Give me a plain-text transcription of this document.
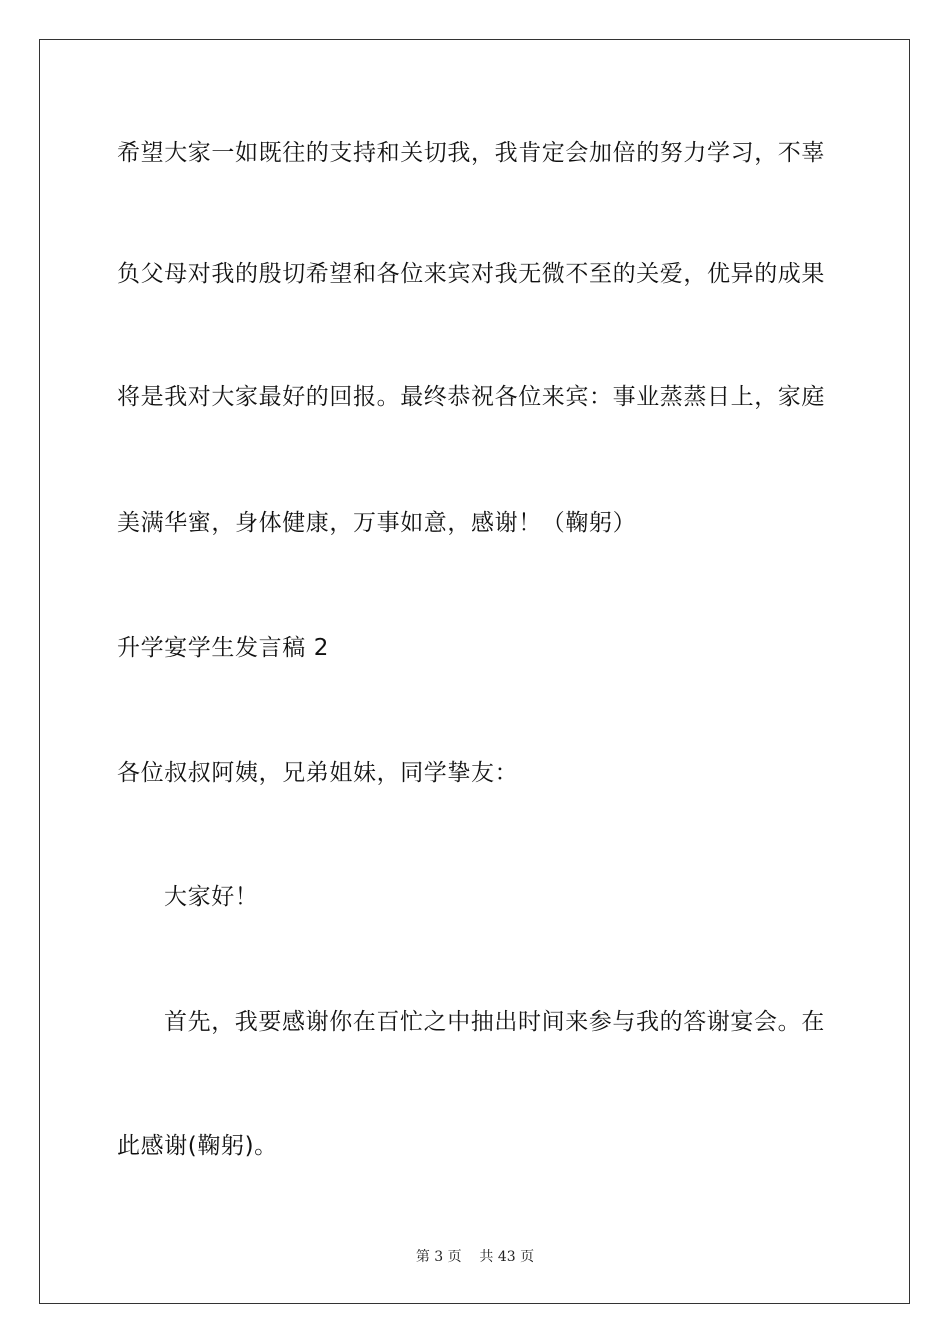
希望大家一如既往的支持和关切我，我肯定会加倍的努力学习，不辜
负父母对我的殷切希望和各位来宾对我无微不至的关爱，优异的成果
将是我对大家最好的回报。最终恭祝各位来宾：事业蒸蒸日上，家庭
美满华蜜，身体健康，万事如意，感谢！（鞠躬）
升学宴学生发言稿 2
各位叔叔阿姨，兄弟姐妹，同学挚友：
大家好！
首先，我要感谢你在百忙之中抽出时间来参与我的答谢宴会。在
此感谢(鞠躬)。
第 3 页    共 43 页
